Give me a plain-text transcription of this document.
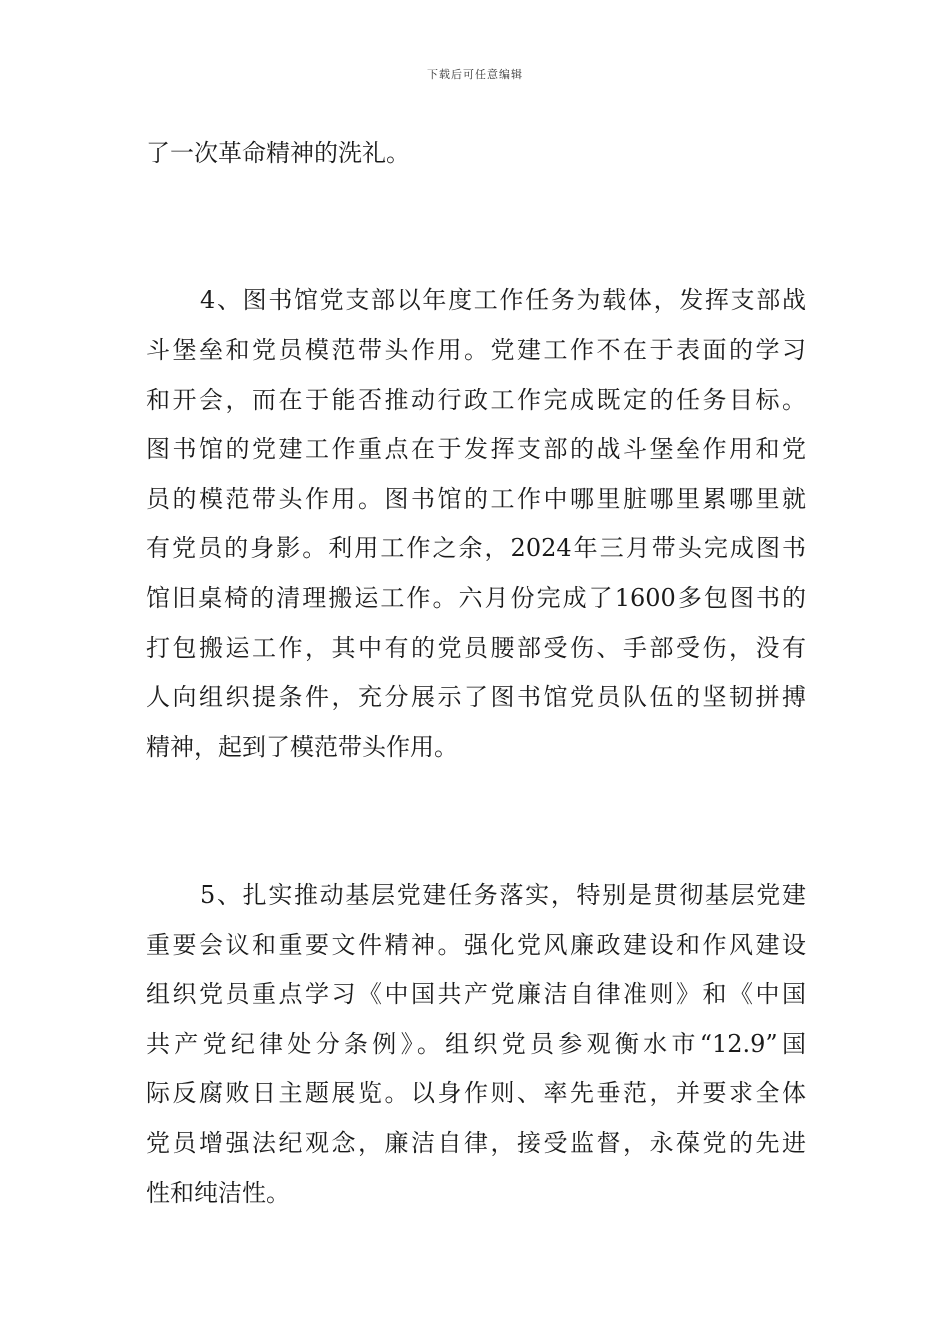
下载后可任意编辑
了一次革命精神的洗礼。
4、图书馆党支部以年度工作任务为载体，发挥支部战
斗堡垒和党员模范带头作用。党建工作不在于表面的学习
和开会，而在于能否推动行政工作完成既定的任务目标。
图书馆的党建工作重点在于发挥支部的战斗堡垒作用和党
员的模范带头作用。图书馆的工作中哪里脏哪里累哪里就
有党员的身影。利用工作之余，2024年三月带头完成图书
馆旧桌椅的清理搬运工作。六月份完成了1600多包图书的
打包搬运工作，其中有的党员腰部受伤、手部受伤，没有
人向组织提条件，充分展示了图书馆党员队伍的坚韧拼搏
精神，起到了模范带头作用。
5、扎实推动基层党建任务落实，特别是贯彻基层党建
重要会议和重要文件精神。强化党风廉政建设和作风建设
组织党员重点学习《中国共产党廉洁自律准则》和《中国
共产党纪律处分条例》。组织党员参观衡水市“12.9”国
际反腐败日主题展览。以身作则、率先垂范，并要求全体
党员增强法纪观念，廉洁自律，接受监督，永葆党的先进
性和纯洁性。
